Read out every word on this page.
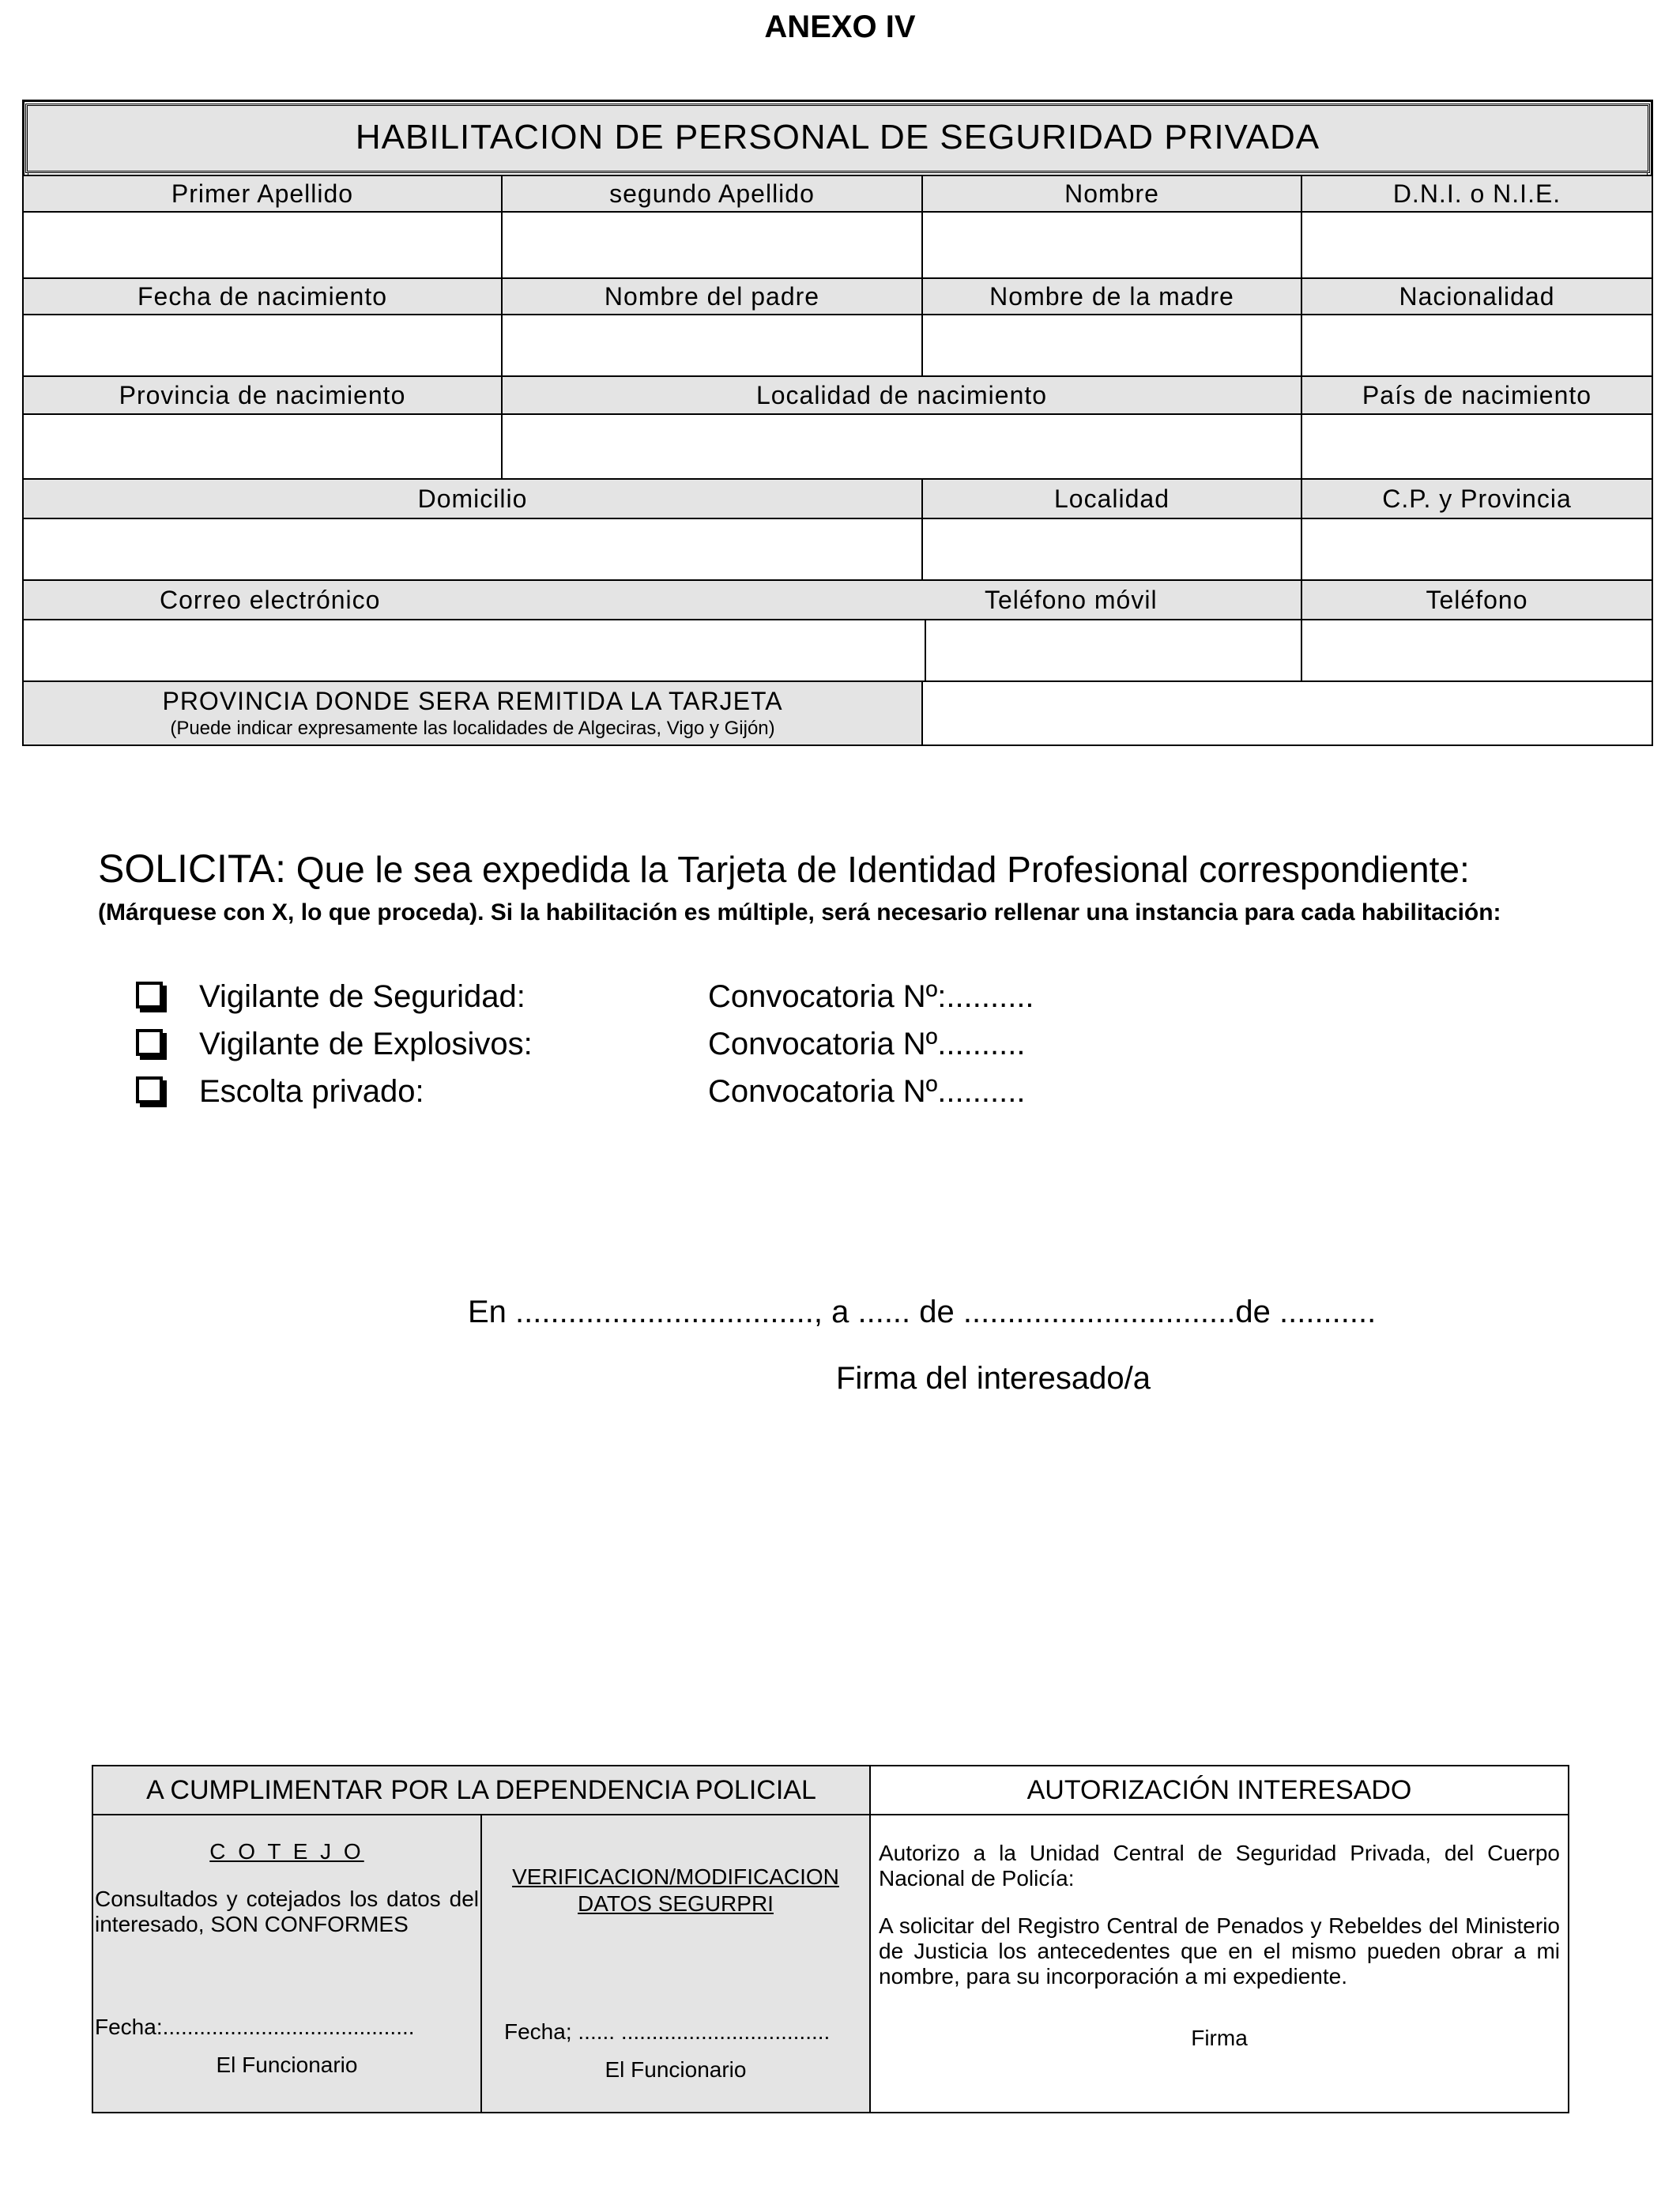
ANEXO IV
HABILITACION DE PERSONAL DE SEGURIDAD PRIVADA
Primer Apellido	segundo Apellido	Nombre	D.N.I. o N.I.E.
Fecha de nacimiento	Nombre del padre	Nombre de la madre	Nacionalidad
Provincia de nacimiento	Localidad de nacimiento	País de nacimiento
Domicilio	Localidad	C.P. y Provincia
Correo electrónico	Teléfono móvil	Teléfono
PROVINCIA DONDE SERA REMITIDA LA TARJETA
(Puede indicar expresamente las localidades de Algeciras, Vigo y Gijón)
SOLICITA: Que le sea expedida la Tarjeta de Identidad Profesional correspondiente:
(Márquese con X, lo que proceda). Si la habilitación es múltiple, será necesario rellenar una instancia para cada habilitación:
Vigilante de Seguridad:	Convocatoria Nº:..........
Vigilante de Explosivos:	Convocatoria Nº..........
Escolta privado:	Convocatoria Nº..........
En .................................., a ...... de ...............................de ...........
Firma del interesado/a
A CUMPLIMENTAR POR LA DEPENDENCIA POLICIAL	AUTORIZACIÓN INTERESADO
C O T E J O
Consultados y cotejados los datos del interesado, SON CONFORMES
Fecha:.........................................
El Funcionario
VERIFICACION/MODIFICACION
DATOS SEGURPRI
Fecha; ...... ..................................
El Funcionario
Autorizo a la Unidad Central de Seguridad Privada, del Cuerpo Nacional de Policía:
A solicitar del Registro Central de Penados y Rebeldes del Ministerio de Justicia los antecedentes que en el mismo pueden obrar a mi nombre, para su incorporación a mi expediente.
Firma
